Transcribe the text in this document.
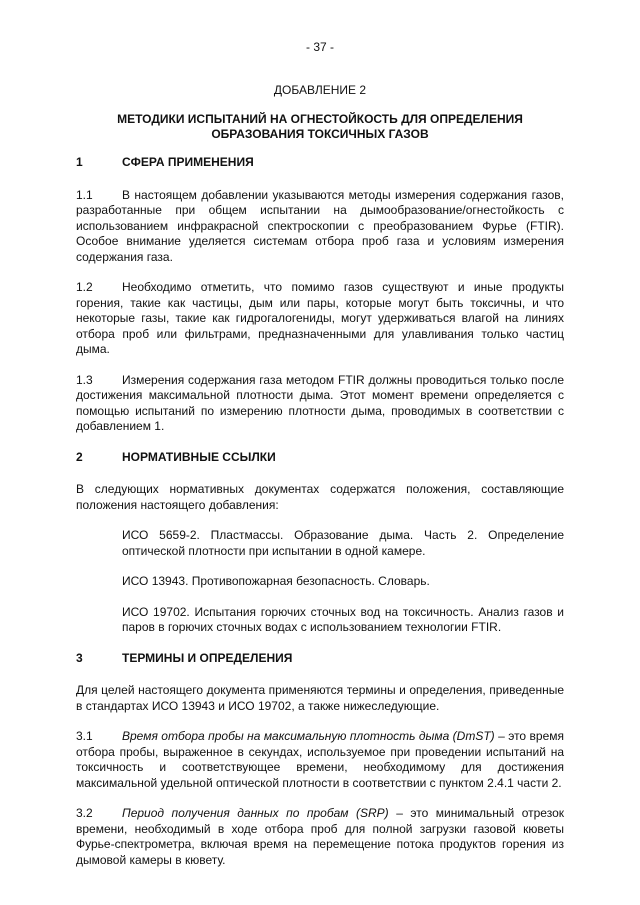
- 37 -
ДОБАВЛЕНИЕ 2
МЕТОДИКИ ИСПЫТАНИЙ НА ОГНЕСТОЙКОСТЬ ДЛЯ ОПРЕДЕЛЕНИЯ
ОБРАЗОВАНИЯ ТОКСИЧНЫХ ГАЗОВ
1	СФЕРА ПРИМЕНЕНИЯ

1.1 В настоящем добавлении указываются методы измерения содержания газов, разработанные при общем испытании на дымообразование/огнестойкость с использованием инфракрасной спектроскопии с преобразованием Фурье (FTIR). Особое внимание уделяется системам отбора проб газа и условиям измерения содержания газа.

1.2 Необходимо отметить, что помимо газов существуют и иные продукты горения, такие как частицы, дым или пары, которые могут быть токсичны, и что некоторые газы, такие как гидрогалогениды, могут удерживаться влагой на линиях отбора проб или фильтрами, предназначенными для улавливания только частиц дыма.

1.3 Измерения содержания газа методом FTIR должны проводиться только после достижения максимальной плотности дыма. Этот момент времени определяется с помощью испытаний по измерению плотности дыма, проводимых в соответствии с добавлением 1.

2	НОРМАТИВНЫЕ ССЫЛКИ

В следующих нормативных документах содержатся положения, составляющие положения настоящего добавления:

ИСО 5659-2. Пластмассы. Образование дыма. Часть 2. Определение оптической плотности при испытании в одной камере.

ИСО 13943. Противопожарная безопасность. Словарь.

ИСО 19702. Испытания горючих сточных вод на токсичность. Анализ газов и паров в горючих сточных водах с использованием технологии FTIR.

3	ТЕРМИНЫ И ОПРЕДЕЛЕНИЯ

Для целей настоящего документа применяются термины и определения, приведенные в стандартах ИСО 13943 и ИСО 19702, а также нижеследующие.

3.1 Время отбора пробы на максимальную плотность дыма (DmST) – это время отбора пробы, выраженное в секундах, используемое при проведении испытаний на токсичность и соответствующее времени, необходимому для достижения максимальной удельной оптической плотности в соответствии с пунктом 2.4.1 части 2.

3.2 Период получения данных по пробам (SRP) – это минимальный отрезок времени, необходимый в ходе отбора проб для полной загрузки газовой кюветы Фурье-спектрометра, включая время на перемещение потока продуктов горения из дымовой камеры в кювету.
